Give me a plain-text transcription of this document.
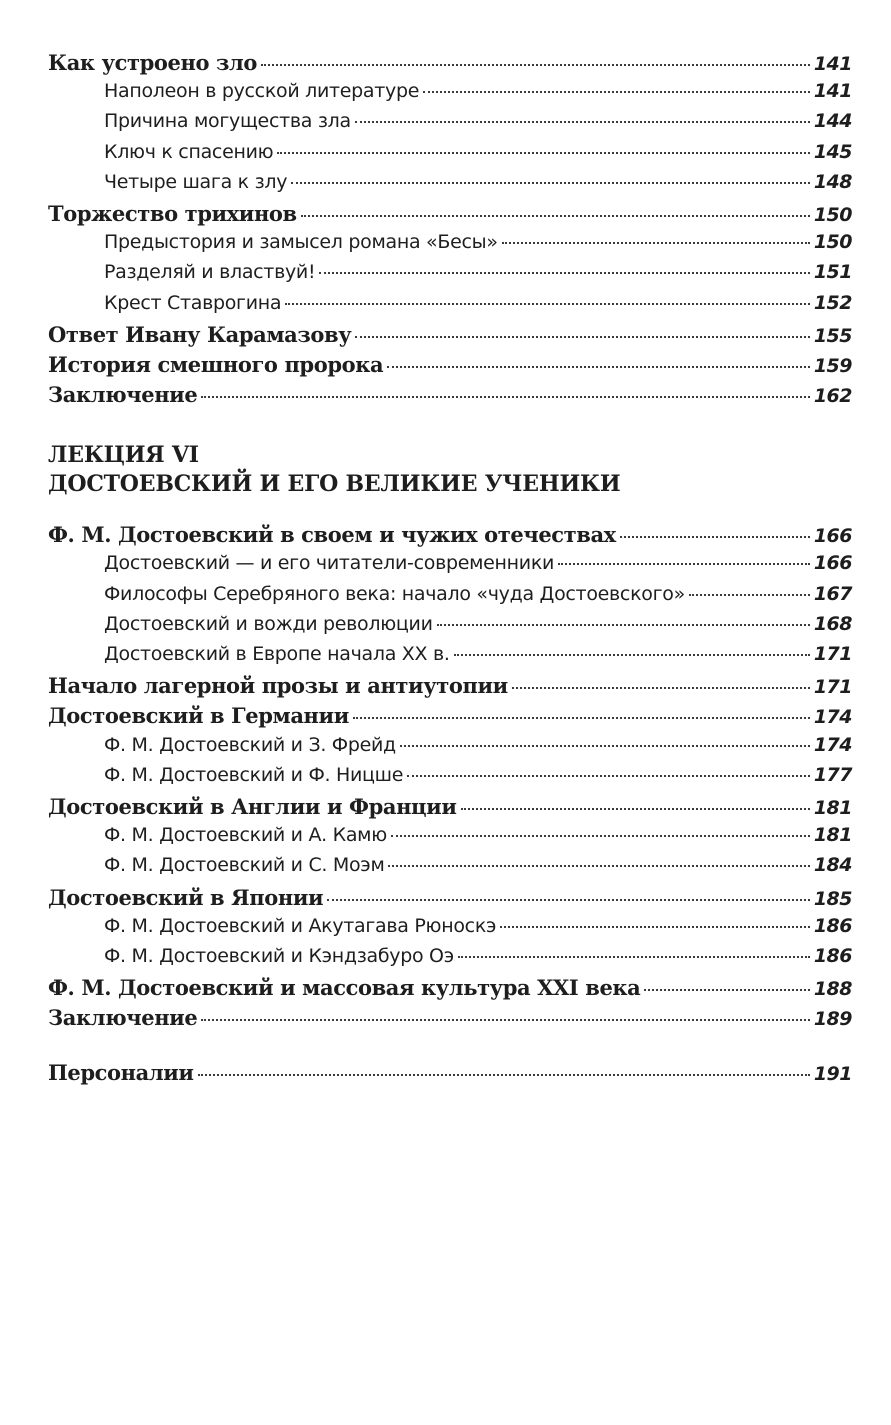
Как устроено зло	141
Наполеон в русской литературе	141
Причина могущества зла	144
Ключ к спасению	145
Четыре шага к злу	148
Торжество трихинов	150
Предыстория и замысел романа «Бесы»	150
Разделяй и властвуй!	151
Крест Ставрогина	152
Ответ Ивану Карамазову	155
История смешного пророка	159
Заключение	162

ЛЕКЦИЯ VI

ДОСТОЕВСКИЙ И ЕГО ВЕЛИКИЕ УЧЕНИКИ

Ф. М. Достоевский в своем и чужих отечествах	166
Достоевский — и его читатели-современники	166
Философы Серебряного века: начало «чуда Достоевского»	167
Достоевский и вожди революции	168
Достоевский в Европе начала XX в.	171
Начало лагерной прозы и антиутопии	171
Достоевский в Германии	174
Ф. М. Достоевский и З. Фрейд	174
Ф. М. Достоевский и Ф. Ницше	177
Достоевский в Англии и Франции	181
Ф. М. Достоевский и А. Камю	181
Ф. М. Достоевский и С. Моэм	184
Достоевский в Японии	185
Ф. М. Достоевский и Акутагава Рюноскэ	186
Ф. М. Достоевский и Кэндзабуро Оэ	186
Ф. М. Достоевский и массовая культура XXI века	188
Заключение	189
Персоналии	191
